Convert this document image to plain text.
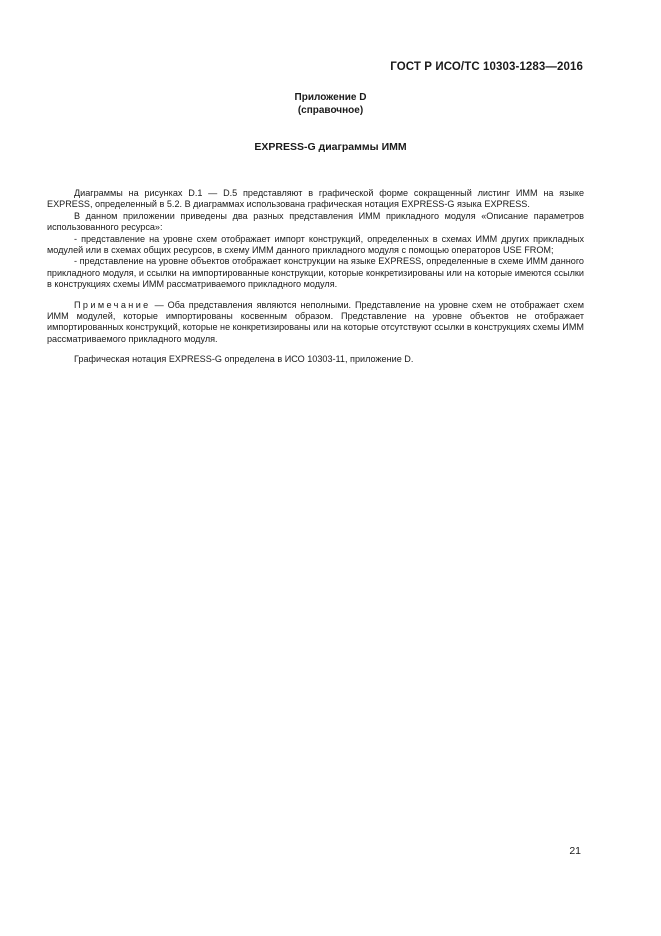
ГОСТ Р ИСО/ТС 10303-1283—2016
Приложение D
(справочное)
EXPRESS-G диаграммы ИММ

Диаграммы на рисунках D.1 — D.5 представляют в графической форме сокращенный листинг ИММ на языке EXPRESS, определенный в 5.2. В диаграммах использована графическая нотация EXPRESS-G языка EXPRESS.

В данном приложении приведены два разных представления ИММ прикладного модуля «Описание параметров использованного ресурса»:

- представление на уровне схем отображает импорт конструкций, определенных в схемах ИММ других прикладных модулей или в схемах общих ресурсов, в схему ИММ данного прикладного модуля с помощью операторов USE FROM;

- представление на уровне объектов отображает конструкции на языке EXPRESS, определенные в схеме ИММ данного прикладного модуля, и ссылки на импортированные конструкции, которые конкретизированы или на которые имеются ссылки в конструкциях схемы ИММ рассматриваемого прикладного модуля.

Примечание — Оба представления являются неполными. Представление на уровне схем не отображает схем ИММ модулей, которые импортированы косвенным образом. Представление на уровне объектов не отображает импортированных конструкций, которые не конкретизированы или на которые отсутствуют ссылки в конструкциях схемы ИММ рассматриваемого прикладного модуля.

Графическая нотация EXPRESS-G определена в ИСО 10303-11, приложение D.

21
